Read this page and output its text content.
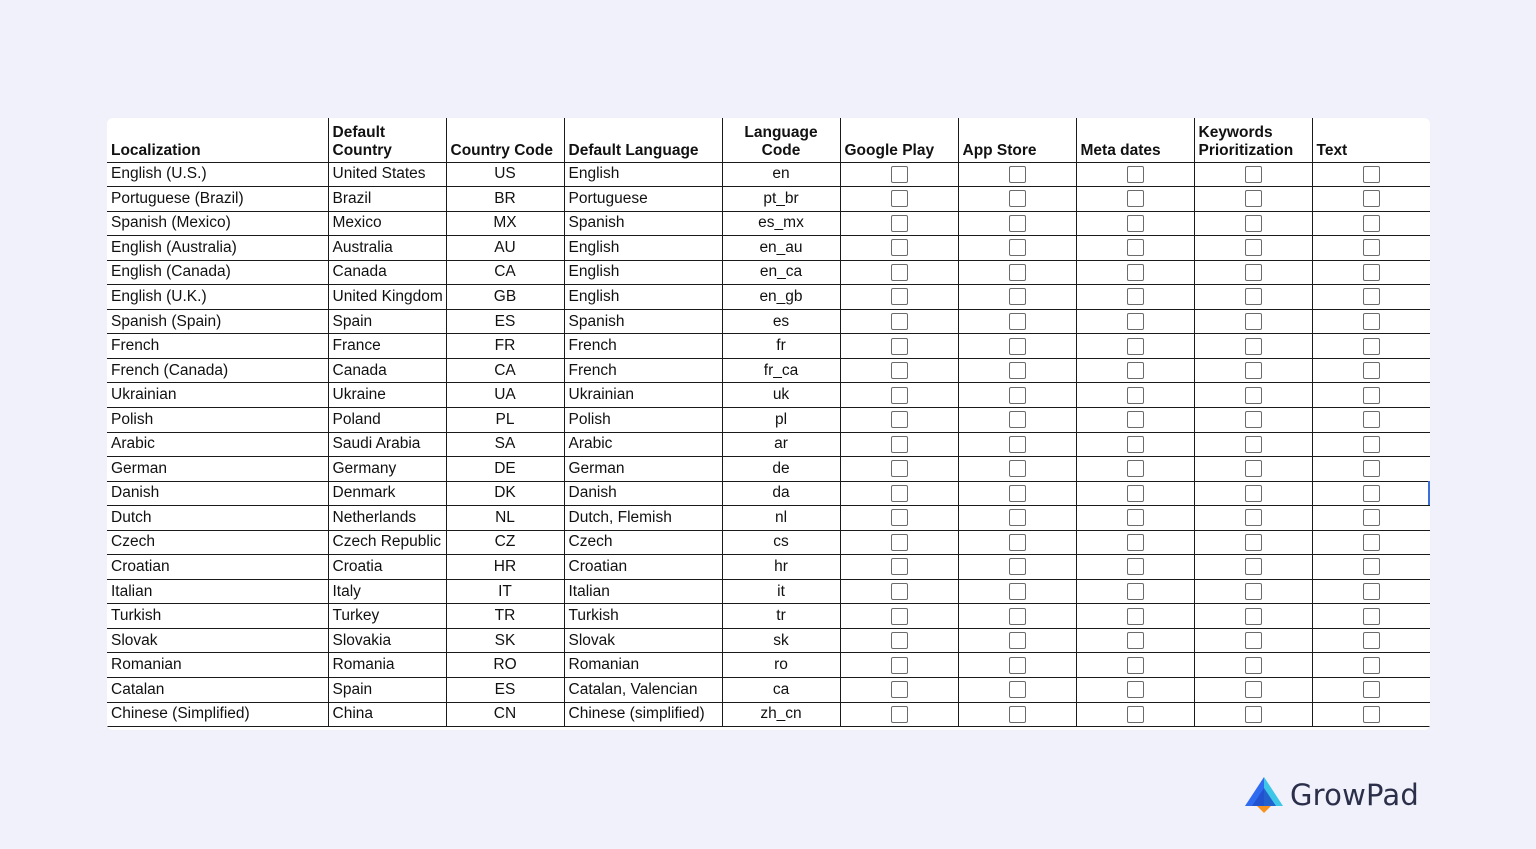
Localization	Default Country	Country Code	Default Language	Language Code	Google Play	App Store	Meta dates	Keywords Prioritization	Text
English (U.S.)	United States	US	English	en					
Portuguese (Brazil)	Brazil	BR	Portuguese	pt_br					
Spanish (Mexico)	Mexico	MX	Spanish	es_mx					
English (Australia)	Australia	AU	English	en_au					
English (Canada)	Canada	CA	English	en_ca					
English (U.K.)	United Kingdom	GB	English	en_gb					
Spanish (Spain)	Spain	ES	Spanish	es					
French	France	FR	French	fr					
French (Canada)	Canada	CA	French	fr_ca					
Ukrainian	Ukraine	UA	Ukrainian	uk					
Polish	Poland	PL	Polish	pl					
Arabic	Saudi Arabia	SA	Arabic	ar					
German	Germany	DE	German	de					
Danish	Denmark	DK	Danish	da					
Dutch	Netherlands	NL	Dutch, Flemish	nl					
Czech	Czech Republic	CZ	Czech	cs					
Croatian	Croatia	HR	Croatian	hr					
Italian	Italy	IT	Italian	it					
Turkish	Turkey	TR	Turkish	tr					
Slovak	Slovakia	SK	Slovak	sk					
Romanian	Romania	RO	Romanian	ro					
Catalan	Spain	ES	Catalan, Valencian	ca					
Chinese (Simplified)	China	CN	Chinese (simplified)	zh_cn					
GrowPad
